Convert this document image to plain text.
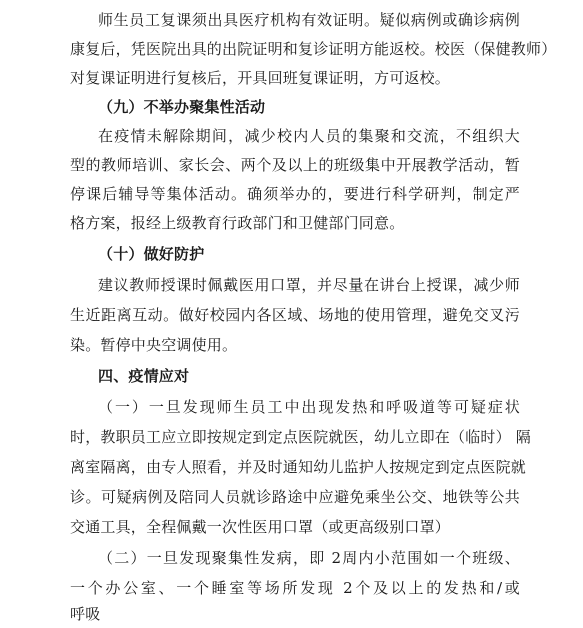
师生员工复课须出具医疗机构有效证明。疑似病例或确诊病例
康复后，凭医院出具的出院证明和复诊证明方能返校。校医（保健教师）
对复课证明进行复核后，开具回班复课证明，方可返校。
（九）不举办聚集性活动
在疫情未解除期间，减少校内人员的集聚和交流，不组织大
型的教师培训、家长会、两个及以上的班级集中开展教学活动，暂
停课后辅导等集体活动。确须举办的，要进行科学研判，制定严
格方案，报经上级教育行政部门和卫健部门同意。
（十）做好防护
建议教师授课时佩戴医用口罩，并尽量在讲台上授课，减少师
生近距离互动。做好校园内各区域、场地的使用管理，避免交叉污
染。暂停中央空调使用。
四、疫情应对
（一）一旦发现师生员工中出现发热和呼吸道等可疑症状
时，教职员工应立即按规定到定点医院就医，幼儿立即在（临时） 隔
离室隔离，由专人照看，并及时通知幼儿监护人按规定到定点医院就
诊。可疑病例及陪同人员就诊路途中应避免乘坐公交、地铁等公共
交通工具，全程佩戴一次性医用口罩（或更高级别口罩）
（二）一旦发现聚集性发病，即 2周内小范围如一个班级、
一个办公室、一个睡室等场所发现 2个及以上的发热和/或
呼吸
